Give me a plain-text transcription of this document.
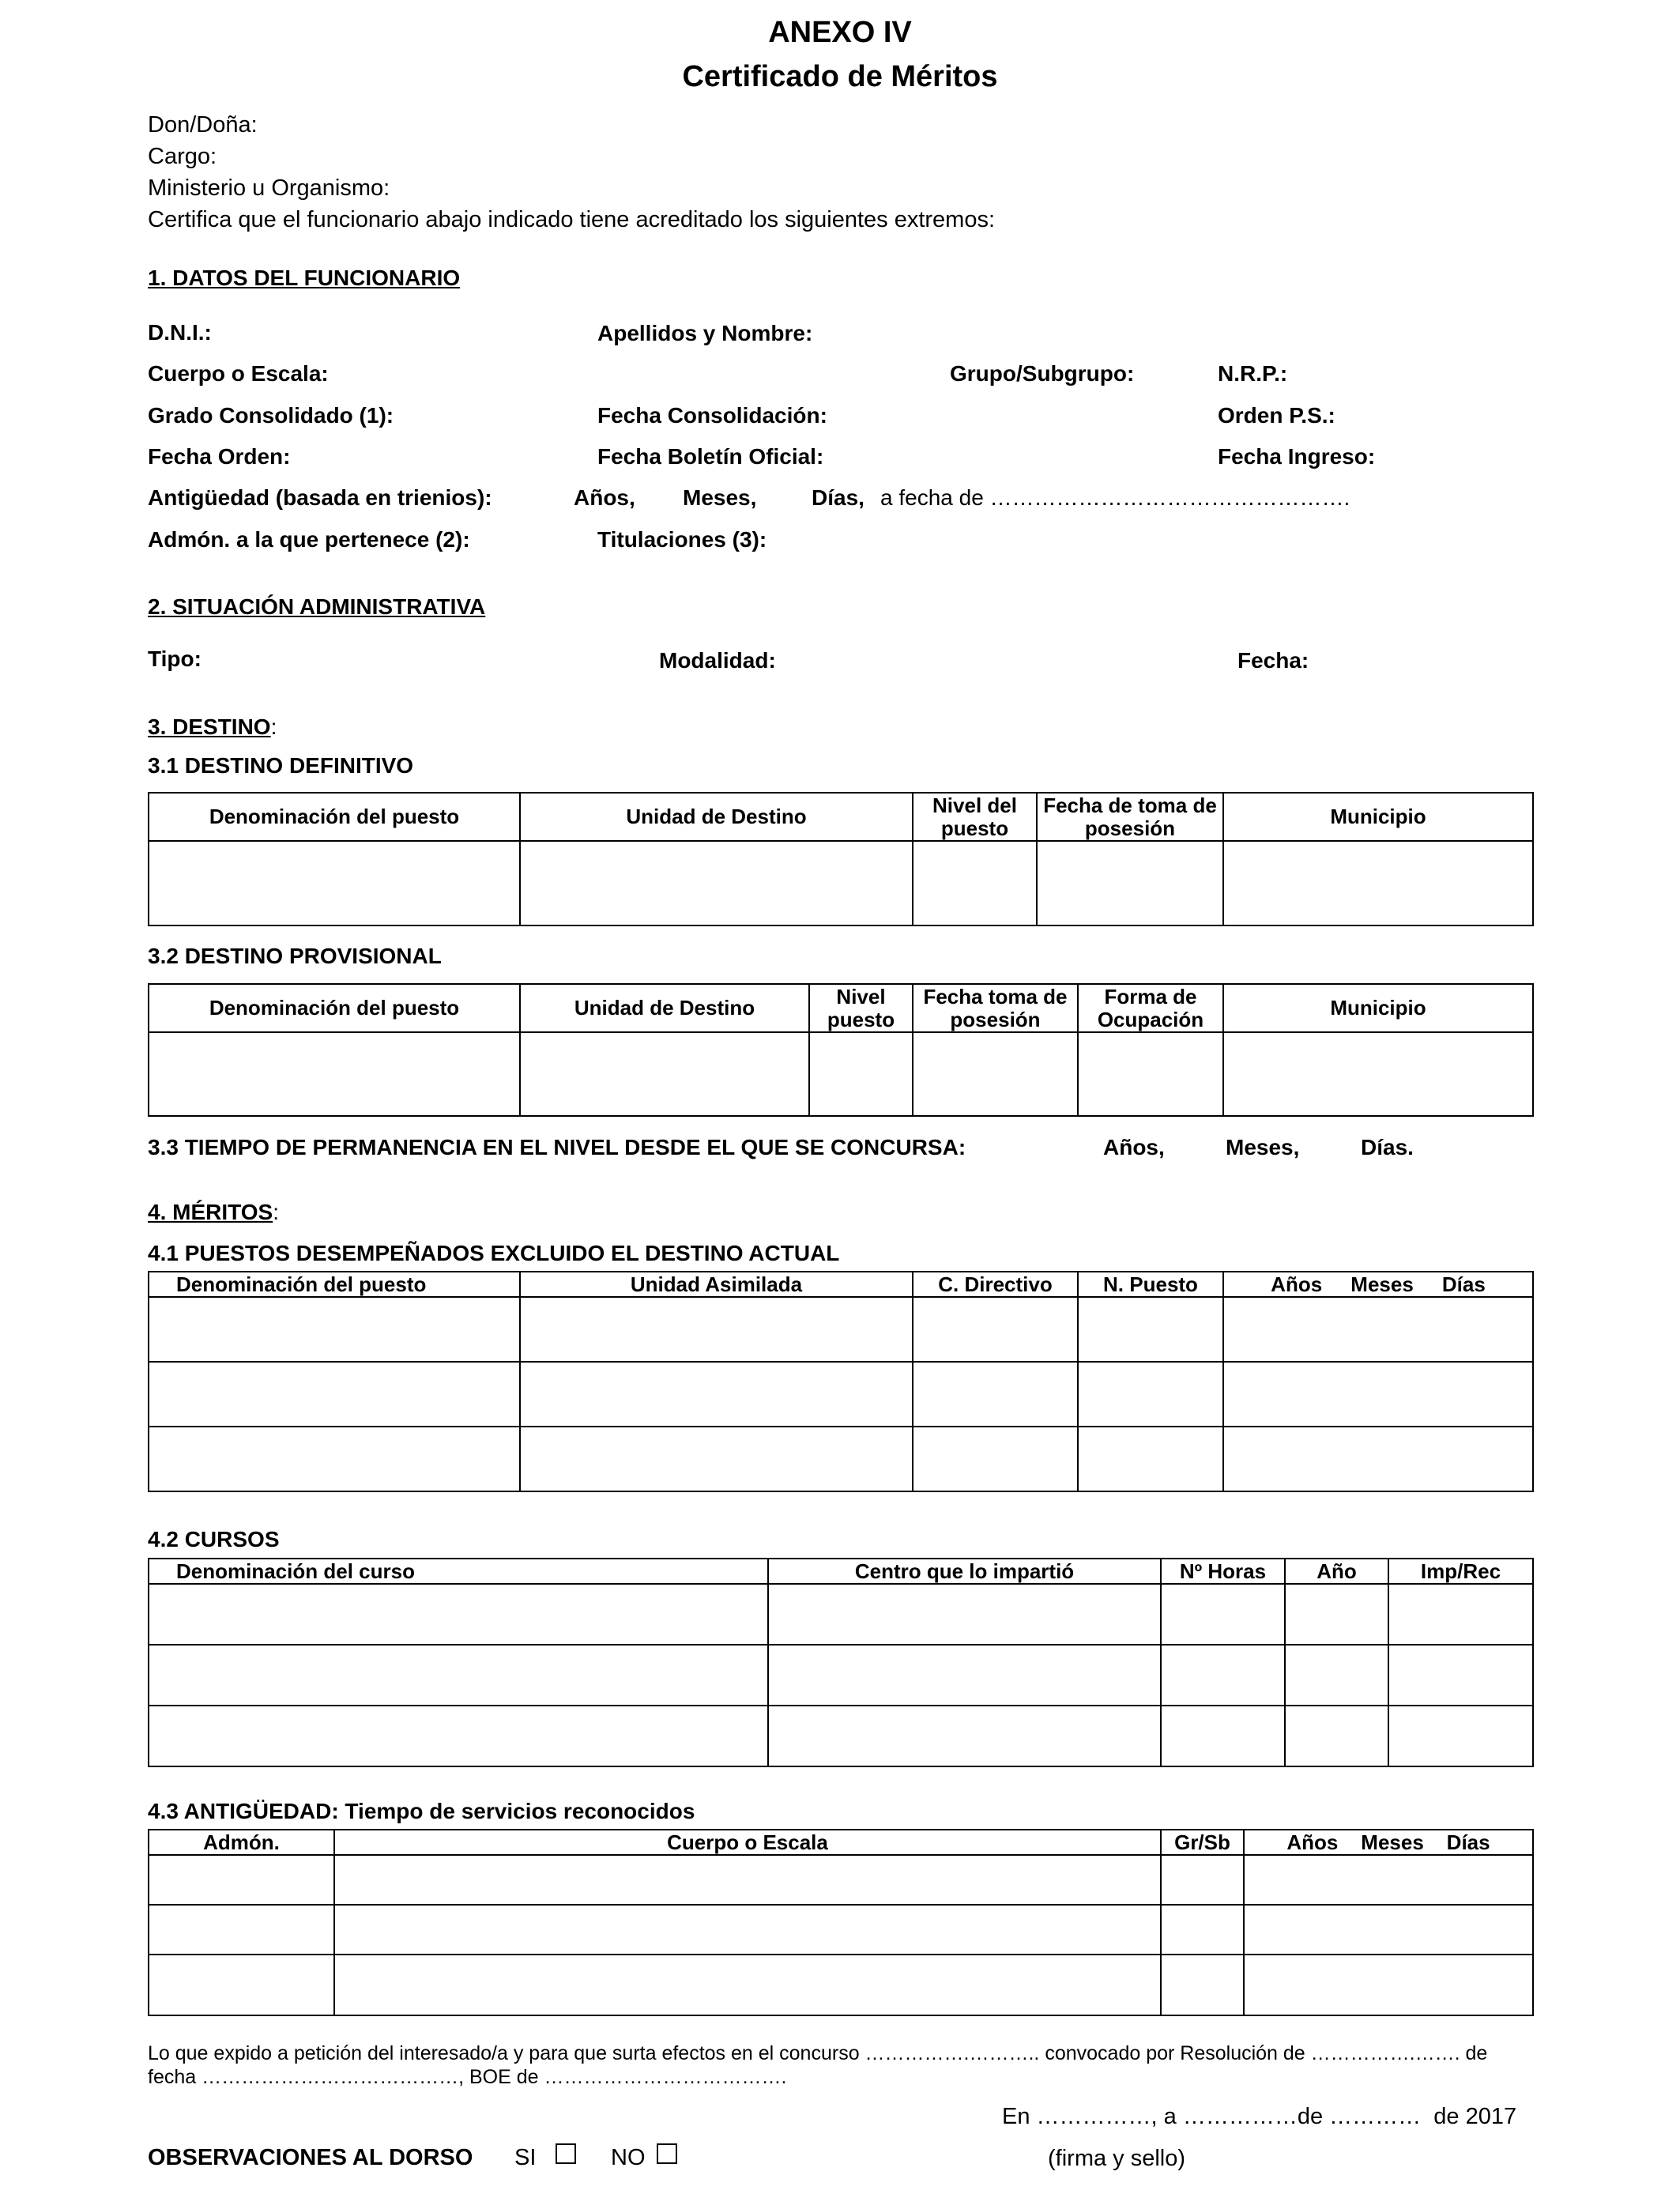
ANEXO IV
Certificado de Méritos
Don/Doña:
Cargo:
Ministerio u Organismo:
Certifica que el funcionario abajo indicado tiene acreditado los siguientes extremos:
1. DATOS DEL FUNCIONARIO
D.N.I.:	Apellidos y Nombre:
Cuerpo o Escala:	Grupo/Subgrupo:	N.R.P.:
Grado Consolidado (1):	Fecha Consolidación:	Orden P.S.:
Fecha Orden:	Fecha Boletín Oficial:	Fecha Ingreso:
Antigüedad (basada en trienios):	Años, Meses, Días, a fecha de ………………………………………….
Admón. a la que pertenece (2):	Titulaciones (3):
2. SITUACIÓN ADMINISTRATIVA
Tipo:	Modalidad:	Fecha:
3. DESTINO:
3.1 DESTINO DEFINITIVO
Denominación del puesto	Unidad de Destino	Nivel del puesto	Fecha de toma de posesión	Municipio

3.2 DESTINO PROVISIONAL
Denominación del puesto	Unidad de Destino	Nivel puesto	Fecha toma de posesión	Forma de Ocupación	Municipio

3.3 TIEMPO DE PERMANENCIA EN EL NIVEL DESDE EL QUE SE CONCURSA:	Años,	Meses,	Días.
4. MÉRITOS:
4.1 PUESTOS DESEMPEÑADOS EXCLUIDO EL DESTINO ACTUAL
Denominación del puesto	Unidad Asimilada	C. Directivo	N. Puesto	Años     Meses     Días

4.2 CURSOS
Denominación del curso	Centro que lo impartió	Nº Horas	Año	Imp/Rec

4.3 ANTIGÜEDAD: Tiempo de servicios reconocidos
Admón.	Cuerpo o Escala	Gr/Sb	Años    Meses    Días

Lo que expido a petición del interesado/a y para que surta efectos en el concurso …………….……….. convocado por Resolución de …………….……. de
fecha …………………………………, BOE de ……………………………….
En ……………, a ……………de …………  de 2017
OBSERVACIONES AL DORSO SI	NO	(firma y sello)
